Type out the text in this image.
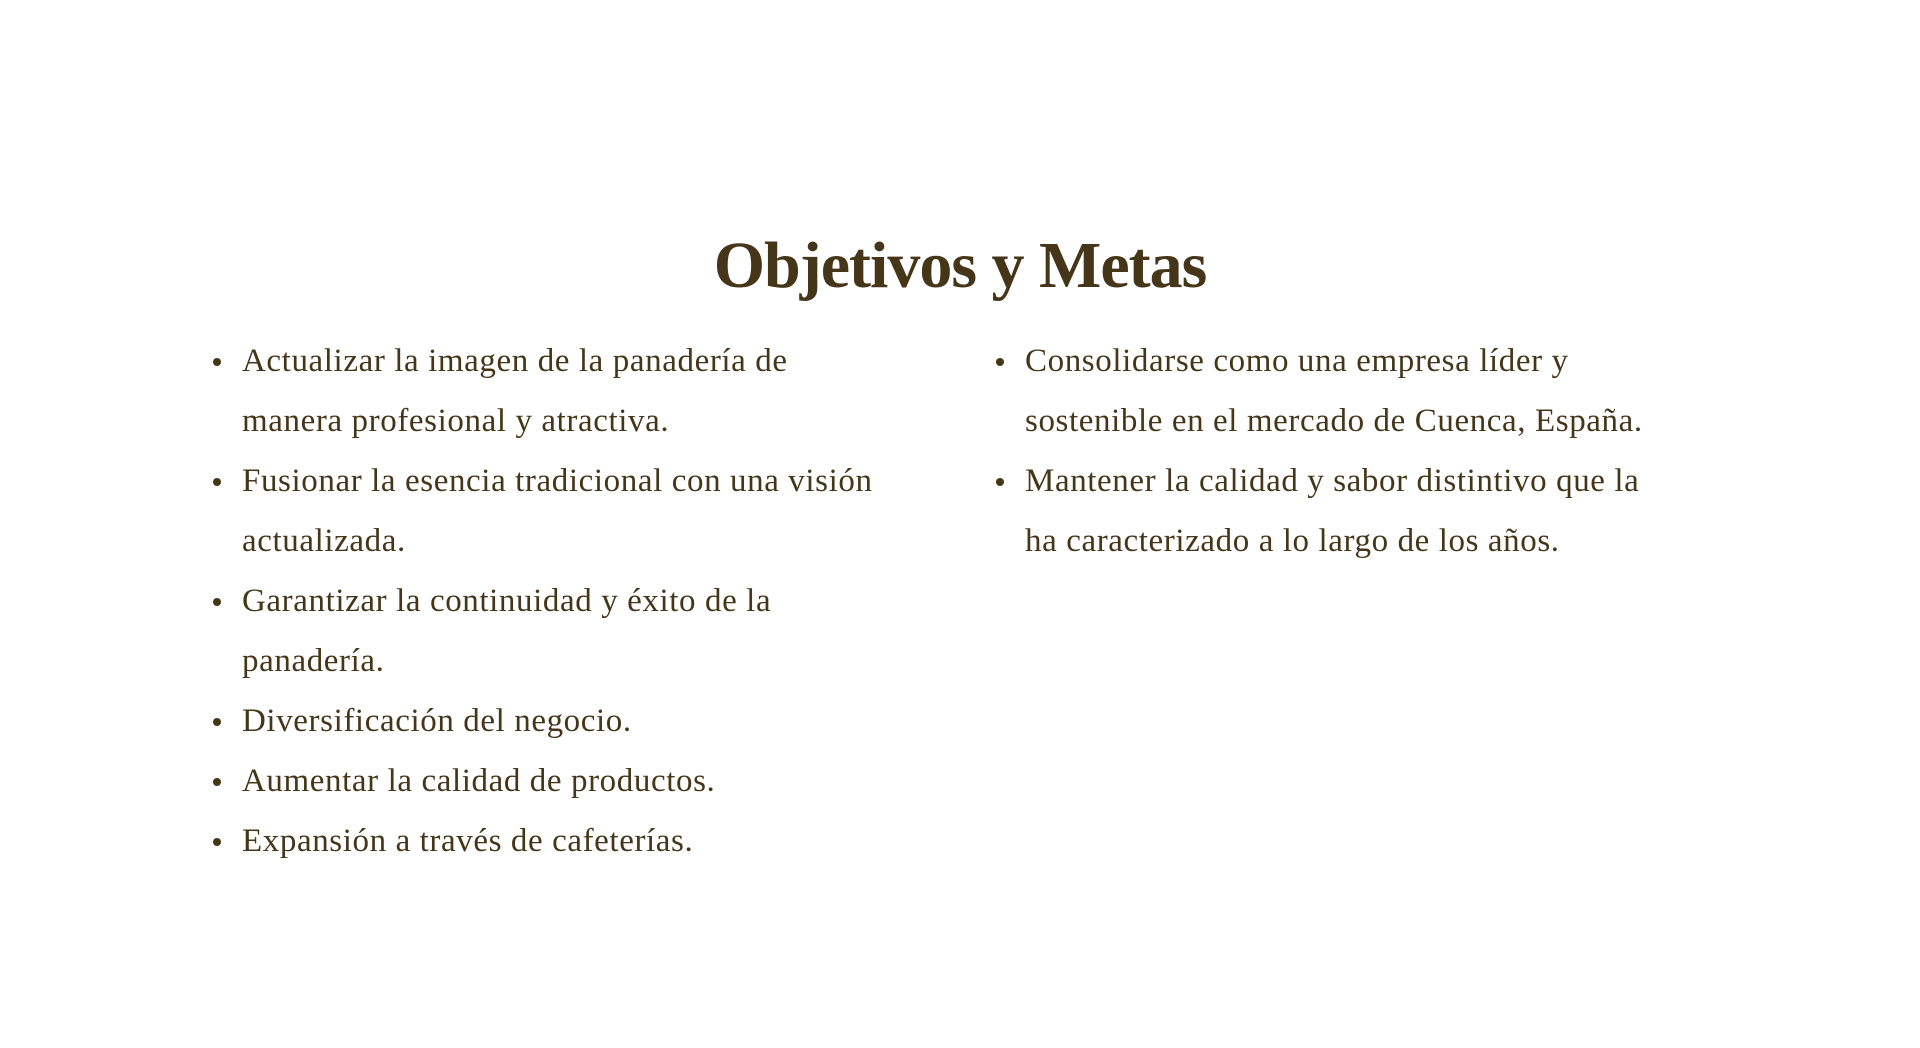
Objetivos y Metas
Actualizar la imagen de la panadería de
manera profesional y atractiva.
Fusionar la esencia tradicional con una visión
actualizada.
Garantizar la continuidad y éxito de la
panadería.
Diversificación del negocio.
Aumentar la calidad de productos.
Expansión a través de cafeterías.
Consolidarse como una empresa líder y
sostenible en el mercado de Cuenca, España.
Mantener la calidad y sabor distintivo que la
ha caracterizado a lo largo de los años.
